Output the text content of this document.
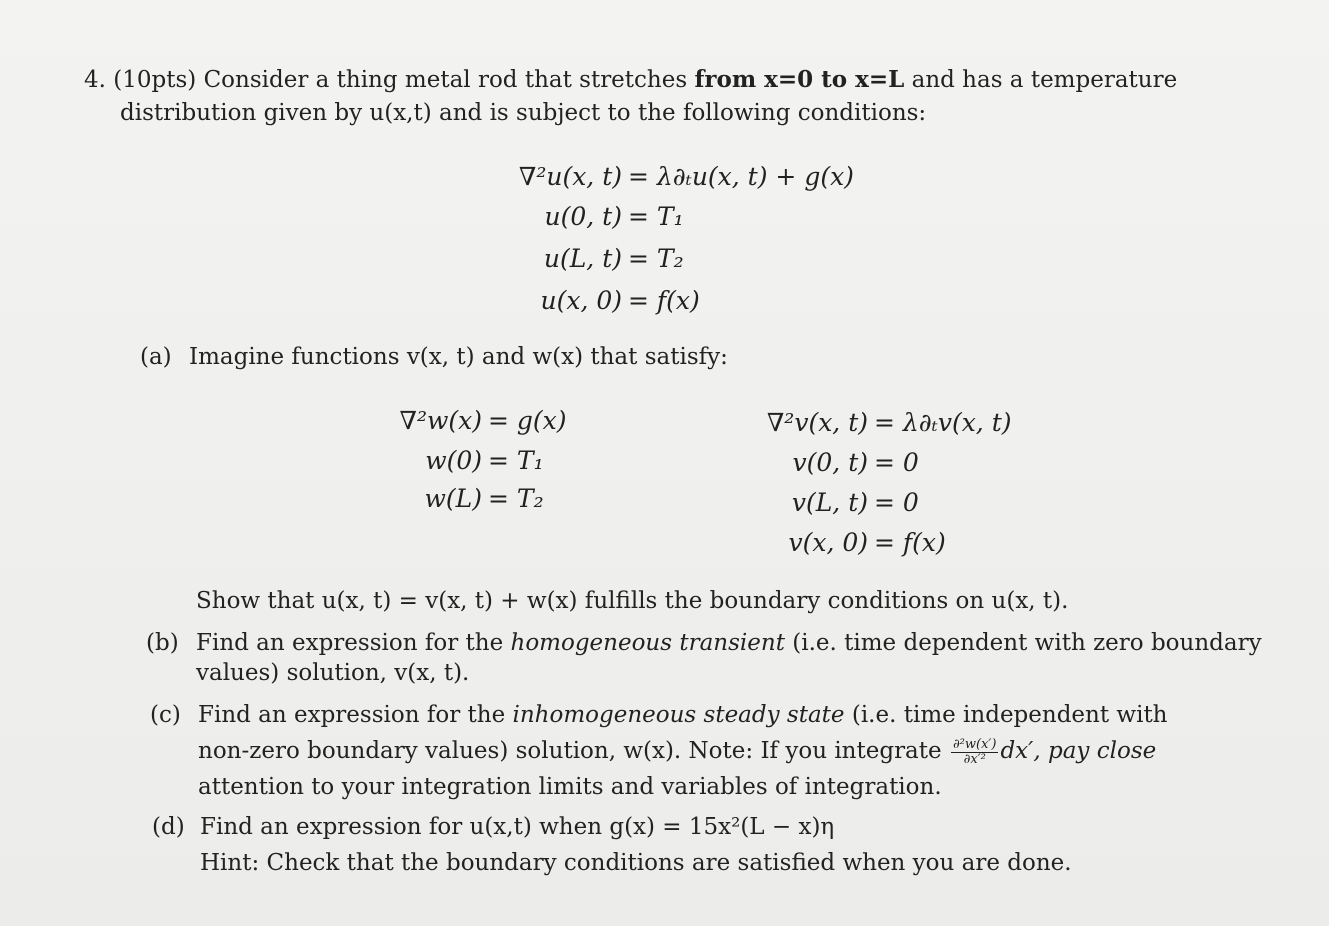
4. (10pts) Consider a thing metal rod that stretches from x=0 to x=L and has a temperature
distribution given by u(x,t) and is subject to the following conditions:
∇²u(x, t)
u(0, t)
u(L, t)
u(x, 0)
= λ∂ₜu(x, t) + g(x)
= T₁
= T₂
= f(x)
(a) Imagine functions v(x, t) and w(x) that satisfy:
∇²w(x)
w(0)
w(L)
= g(x)
= T₁
= T₂
∇²v(x, t)
v(0, t)
v(L, t)
v(x, 0)
= λ∂ₜv(x, t)
= 0
= 0
= f(x)
Show that u(x, t) = v(x, t) + w(x) fulfills the boundary conditions on u(x, t).
(b) Find an expression for the homogeneous transient (i.e. time dependent with zero boundary
values) solution, v(x, t).
(c) Find an expression for the inhomogeneous steady state (i.e. time independent with
non-zero boundary values) solution, w(x). Note: If you integrate $\frac{\text{∂²w(x′)}}{\text{∂x′²}} dx'$, pay close
attention to your integration limits and variables of integration.
(d) Find an expression for u(x,t) when g(x) = 15x²(L − x)η
Hint: Check that the boundary conditions are satisfied when you are done.
